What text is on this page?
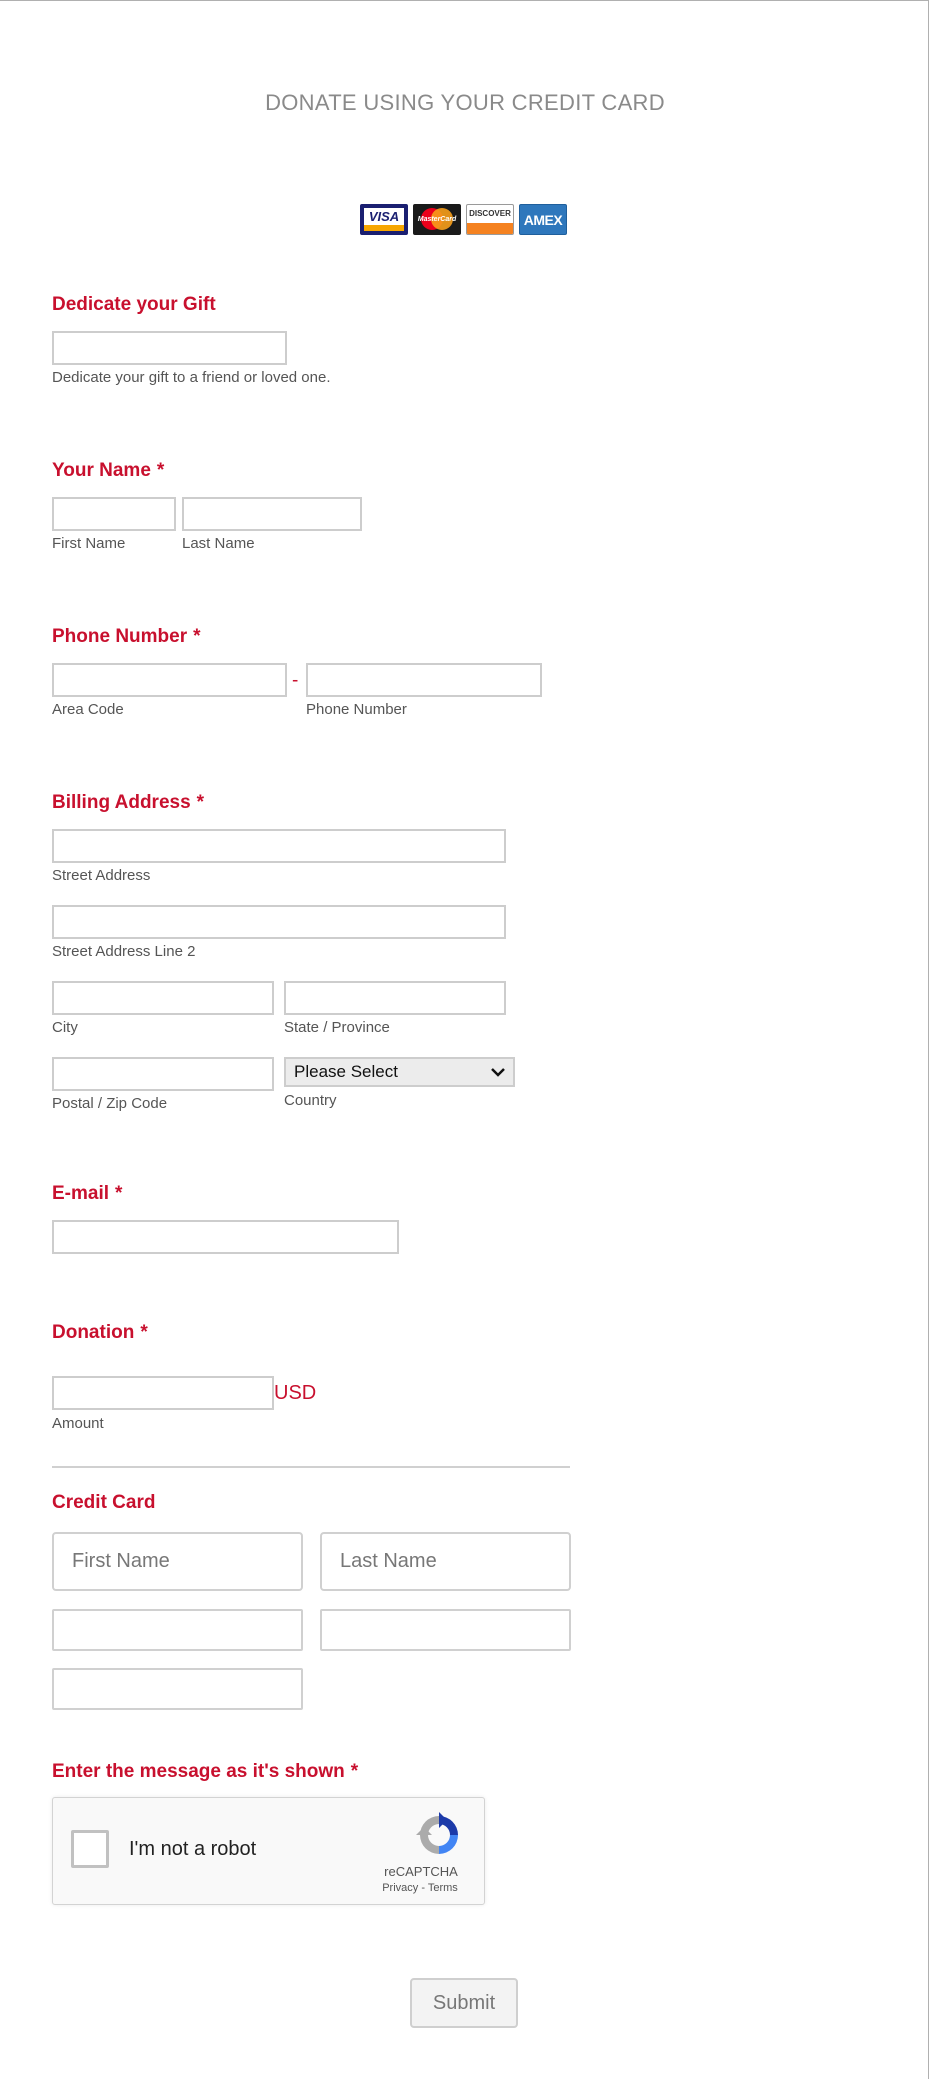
DONATE USING YOUR CREDIT CARD
VISA	MasterCard
DISCOVER AMEX
Dedicate your Gift
Dedicate your gift to a friend or loved one.
Your Name *
First Name	Last Name
Phone Number *
-
Area Code	Phone Number
Billing Address *
Street Address
Street Address Line 2
City	State / Province
Please Select
Postal / Zip Code	Country
E-mail *
Donation *
USD
Amount
Credit Card
First Name	Last Name
Enter the message as it's shown *
I'm not a robot
reCAPTCHA
Privacy - Terms
Submit
